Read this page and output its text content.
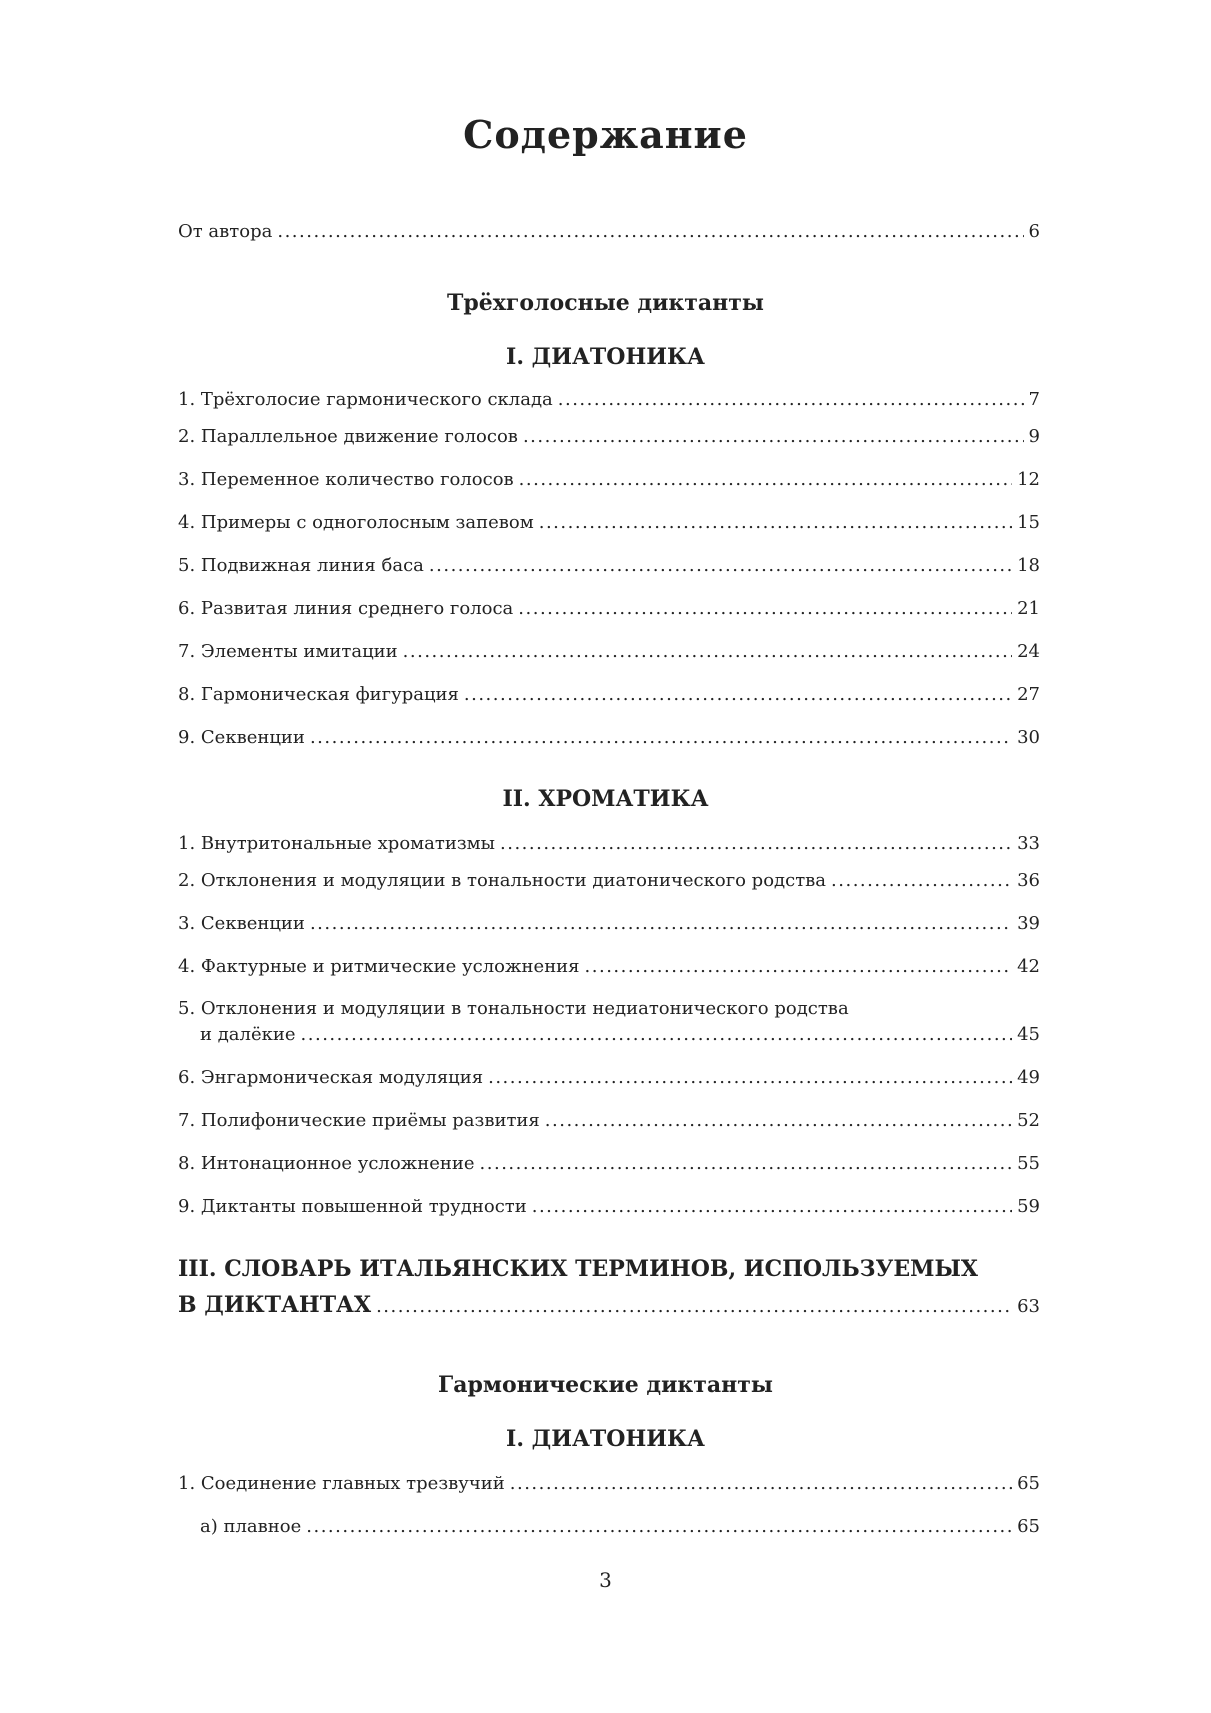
Содержание
От автора .....	6
Трёхголосные диктанты
I. ДИАТОНИКА
1. Трёхголосие гармонического склада .....	7
2. Параллельное движение голосов .....	9
3. Переменное количество голосов .....	12
4. Примеры с одноголосным запевом .....	15
5. Подвижная линия баса .....	18
6. Развитая линия среднего голоса .....	21
7. Элементы имитации .....	24
8. Гармоническая фигурация .....	27
9. Секвенции .....	30
II. ХРОМАТИКА
1. Внутритональные хроматизмы .....	33
2. Отклонения и модуляции в тональности диатонического родства .....	36
3. Секвенции .....	39
4. Фактурные и ритмические усложнения .....	42
5. Отклонения и модуляции в тональности недиатонического родства
и далёкие .....	45
6. Энгармоническая модуляция .....	49
7. Полифонические приёмы развития .....	52
8. Интонационное усложнение .....	55
9. Диктанты повышенной трудности .....	59
III. СЛОВАРЬ ИТАЛЬЯНСКИХ ТЕРМИНОВ, ИСПОЛЬЗУЕМЫХ
В ДИКТАНТАХ .....	63
Гармонические диктанты
I. ДИАТОНИКА
1. Соединение главных трезвучий .....	65
а) плавное .....	65
3
